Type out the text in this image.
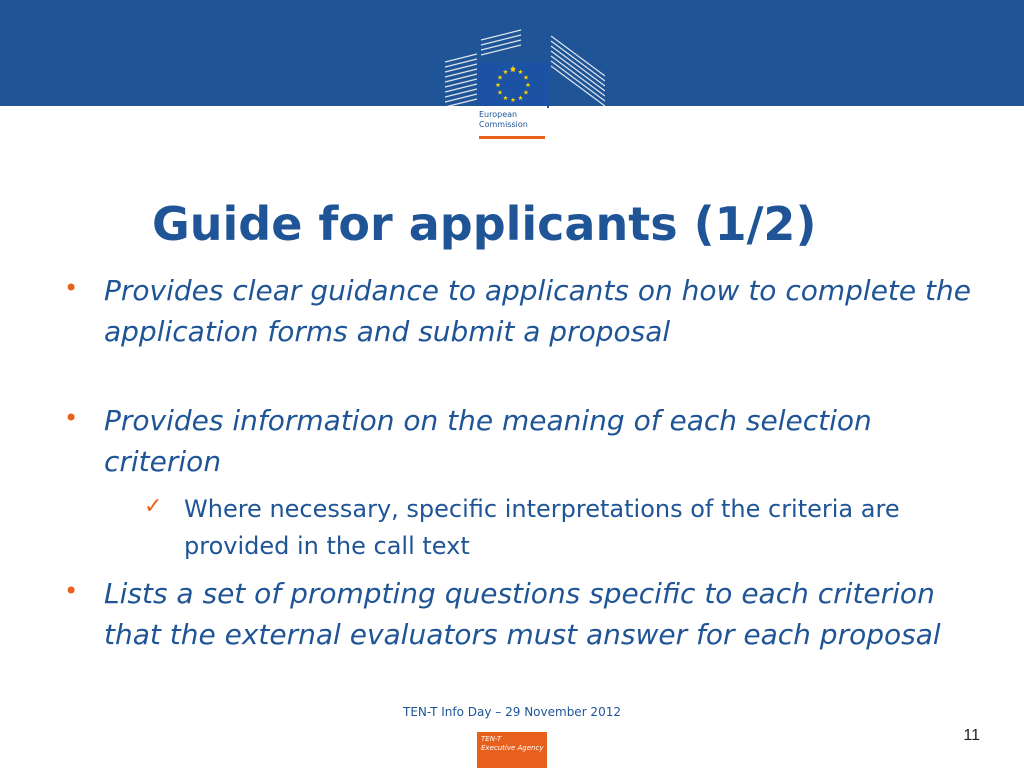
European
Commission
Guide for applicants (1/2)
• Provides clear guidance to applicants on how to complete the application forms and submit a proposal
• Provides information on the meaning of each selection criterion
✓ Where necessary, specific interpretations of the criteria are provided in the call text
• Lists a set of prompting questions specific to each criterion that the external evaluators must answer for each proposal
TEN-T Info Day – 29 November 2012
11
TEN-T
Executive Agency
